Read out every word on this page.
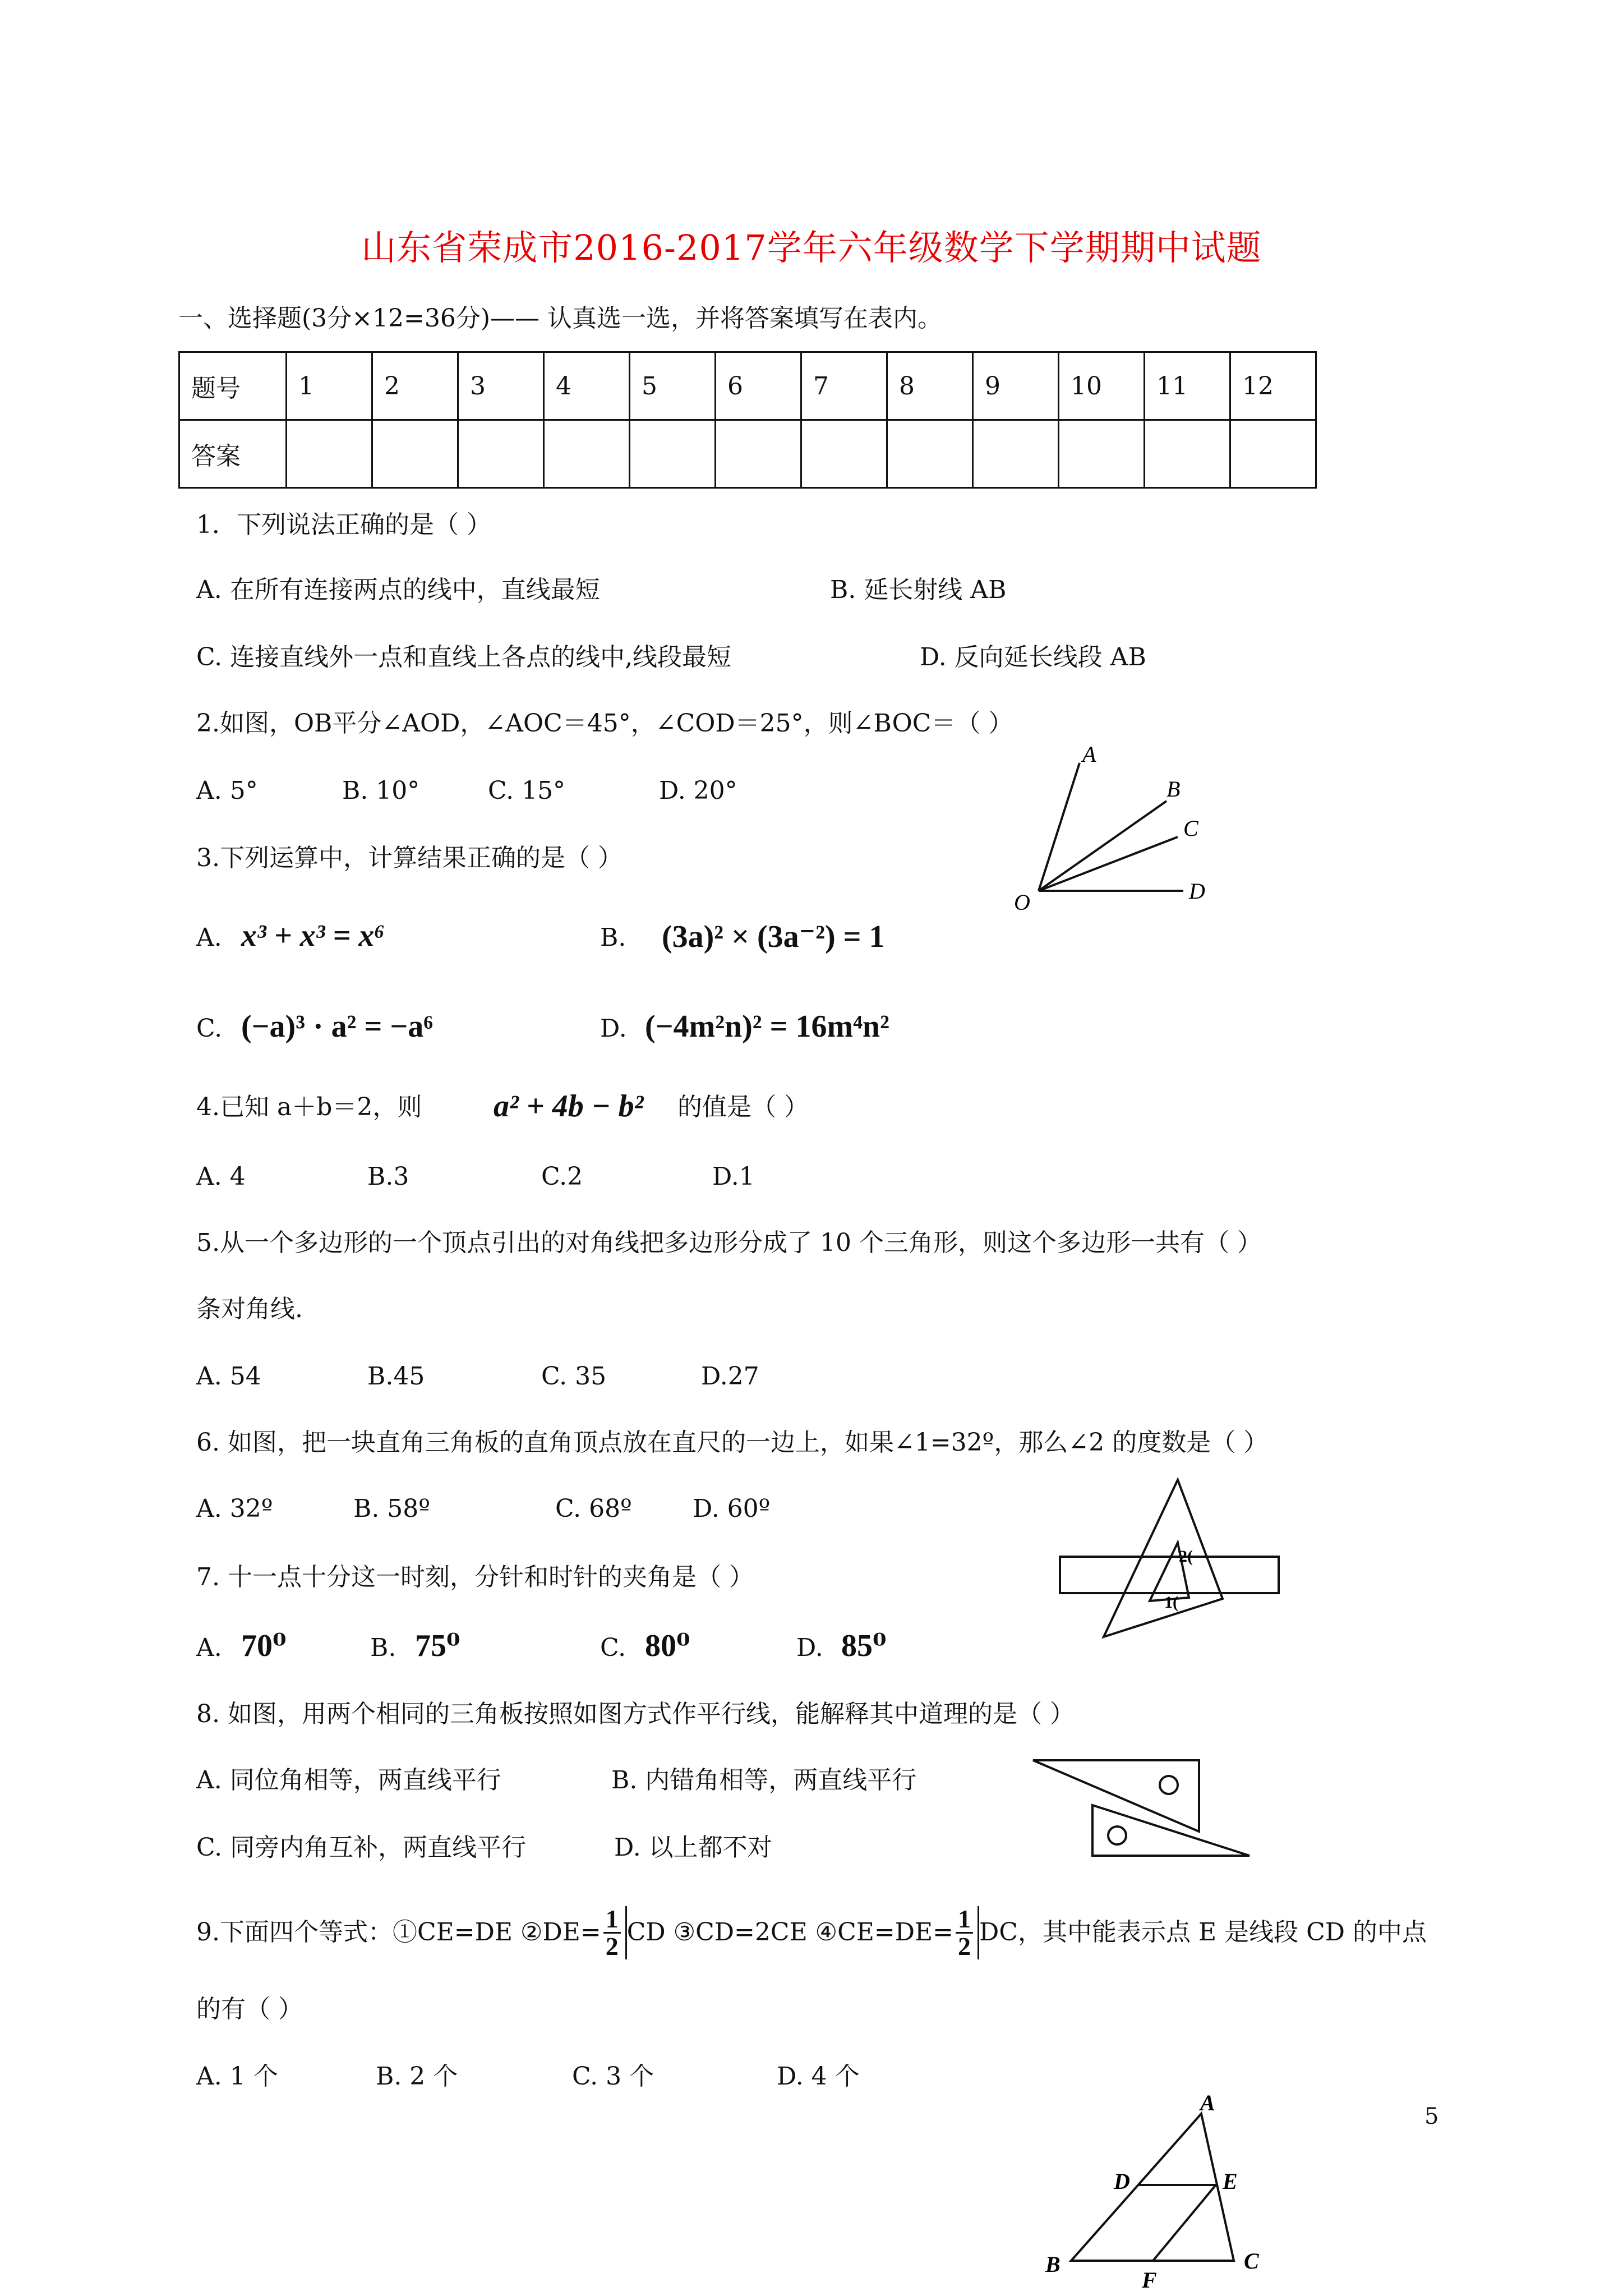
山东省荣成市2016-2017学年六年级数学下学期期中试题
一、选择题(3分×12=36分)—— 认真选一选，并将答案填写在表内。
题号	1	2	3	4	5	6	7	8	9	10	11	12
答案												
1．下列说法正确的是（ ）
A. 在所有连接两点的线中，直线最短	B. 延长射线 AB
C. 连接直线外一点和直线上各点的线中,线段最短	D. 反向延长线段 AB
2.如图，OB平分∠AOD，∠AOC＝45°，∠COD＝25°，则∠BOC＝（ ）
A. 5°	B. 10°	C. 15°	D. 20°
A
B
C
O	D
3.下列运算中，计算结果正确的是（ ）
A. x³ + x³ = x⁶	B. (3a)² × (3a⁻²) = 1
C. (−a)³ · a² = −a⁶	D. (−4m²n)² = 16m⁴n²
4.已知 a＋b＝2，则 a² + 4b − b² 的值是（ ）
A. 4	B.3	C.2	D.1
5.从一个多边形的一个顶点引出的对角线把多边形分成了 10 个三角形，则这个多边形一共有（ ）
条对角线.
A. 54	B.45	C. 35	D.27
6. 如图，把一块直角三角板的直角顶点放在直尺的一边上，如果∠1=32º，那么∠2 的度数是（ ）
A. 32º	B. 58º	C. 68º D. 60º
2(
1(
7. 十一点十分这一时刻，分针和时针的夹角是（ ）
A. 70⁰	B. 75⁰	C. 80⁰	D. 85⁰
8. 如图，用两个相同的三角板按照如图方式作平行线，能解释其中道理的是（ ）
A. 同位角相等，两直线平行	B. 内错角相等，两直线平行
C. 同旁内角互补，两直线平行	D. 以上都不对
9.下面四个等式：①CE=DE ②DE= $\frac{1}{2}$ CD ③CD=2CE ④CE=DE= $\frac{1}{2}$ DC，其中能表示点 E 是线段 CD 的中点
的有（ ）
A. 1 个	B. 2 个	C. 3 个	D. 4 个
A
D	E
B
F
C
5
